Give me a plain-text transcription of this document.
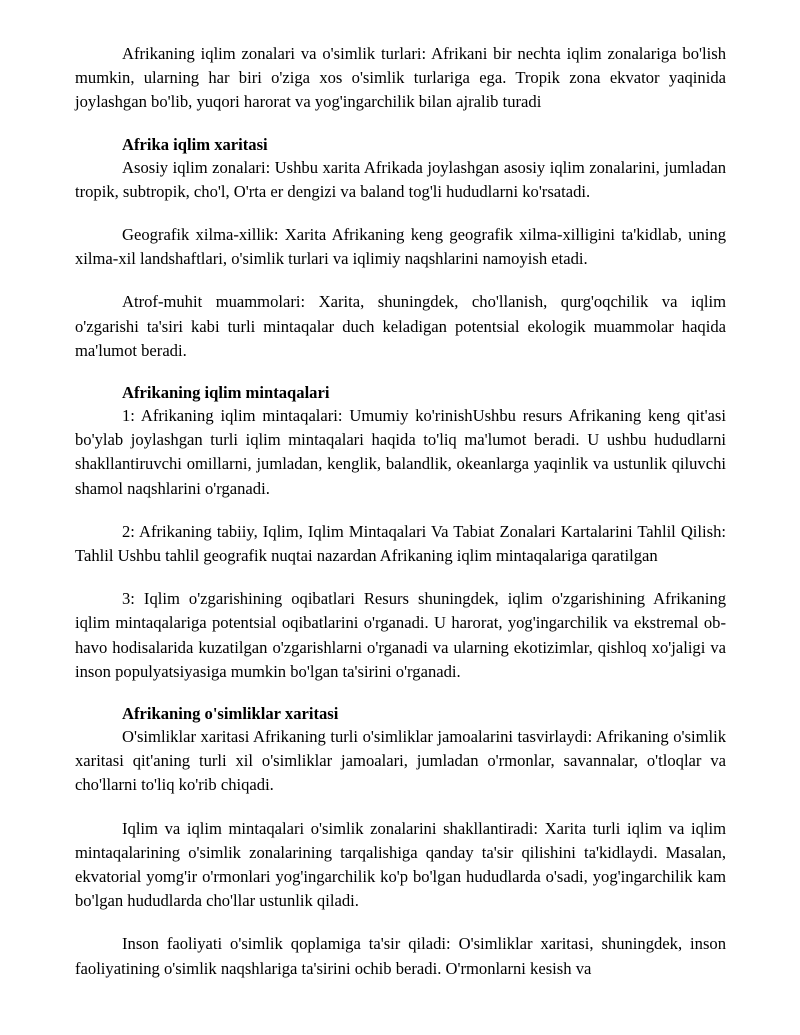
Afrikaning iqlim zonalari va o'simlik turlari: Afrikani bir nechta iqlim zonalariga bo'lish mumkin, ularning har biri o'ziga xos o'simlik turlariga ega. Tropik zona ekvator yaqinida joylashgan bo'lib, yuqori harorat va yog'ingarchilik bilan ajralib turadi

Afrika iqlim xaritasi

Asosiy iqlim zonalari: Ushbu xarita Afrikada joylashgan asosiy iqlim zonalarini, jumladan tropik, subtropik, cho'l, O'rta er dengizi va baland tog'li hududlarni ko'rsatadi.

Geografik xilma-xillik: Xarita Afrikaning keng geografik xilma-xilligini ta'kidlab, uning xilma-xil landshaftlari, o'simlik turlari va iqlimiy naqshlarini namoyish etadi.

Atrof-muhit muammolari: Xarita, shuningdek, cho'llanish, qurg'oqchilik va iqlim o'zgarishi ta'siri kabi turli mintaqalar duch keladigan potentsial ekologik muammolar haqida ma'lumot beradi.

Afrikaning iqlim mintaqalari

1: Afrikaning iqlim mintaqalari: Umumiy ko'rinishUshbu resurs Afrikaning keng qit'asi bo'ylab joylashgan turli iqlim mintaqalari haqida to'liq ma'lumot beradi. U ushbu hududlarni shakllantiruvchi omillarni, jumladan, kenglik, balandlik, okeanlarga yaqinlik va ustunlik qiluvchi shamol naqshlarini o'rganadi.

2: Afrikaning tabiiy, Iqlim, Iqlim Mintaqalari Va Tabiat Zonalari Kartalarini Tahlil Qilish: Tahlil Ushbu tahlil geografik nuqtai nazardan Afrikaning iqlim mintaqalariga qaratilgan

3: Iqlim o'zgarishining oqibatlari Resurs shuningdek, iqlim o'zgarishining Afrikaning iqlim mintaqalariga potentsial oqibatlarini o'rganadi. U harorat, yog'ingarchilik va ekstremal ob-havo hodisalarida kuzatilgan o'zgarishlarni o'rganadi va ularning ekotizimlar, qishloq xo'jaligi va inson populyatsiyasiga mumkin bo'lgan ta'sirini o'rganadi.

Afrikaning o'simliklar xaritasi

O'simliklar xaritasi Afrikaning turli o'simliklar jamoalarini tasvirlaydi: Afrikaning o'simlik xaritasi qit'aning turli xil o'simliklar jamoalari, jumladan o'rmonlar, savannalar, o'tloqlar va cho'llarni to'liq ko'rib chiqadi.

Iqlim va iqlim mintaqalari o'simlik zonalarini shakllantiradi: Xarita turli iqlim va iqlim mintaqalarining o'simlik zonalarining tarqalishiga qanday ta'sir qilishini ta'kidlaydi. Masalan, ekvatorial yomg'ir o'rmonlari yog'ingarchilik ko'p bo'lgan hududlarda o'sadi, yog'ingarchilik kam bo'lgan hududlarda cho'llar ustunlik qiladi.

Inson faoliyati o'simlik qoplamiga ta'sir qiladi: O'simliklar xaritasi, shuningdek, inson faoliyatining o'simlik naqshlariga ta'sirini ochib beradi. O'rmonlarni kesish va
